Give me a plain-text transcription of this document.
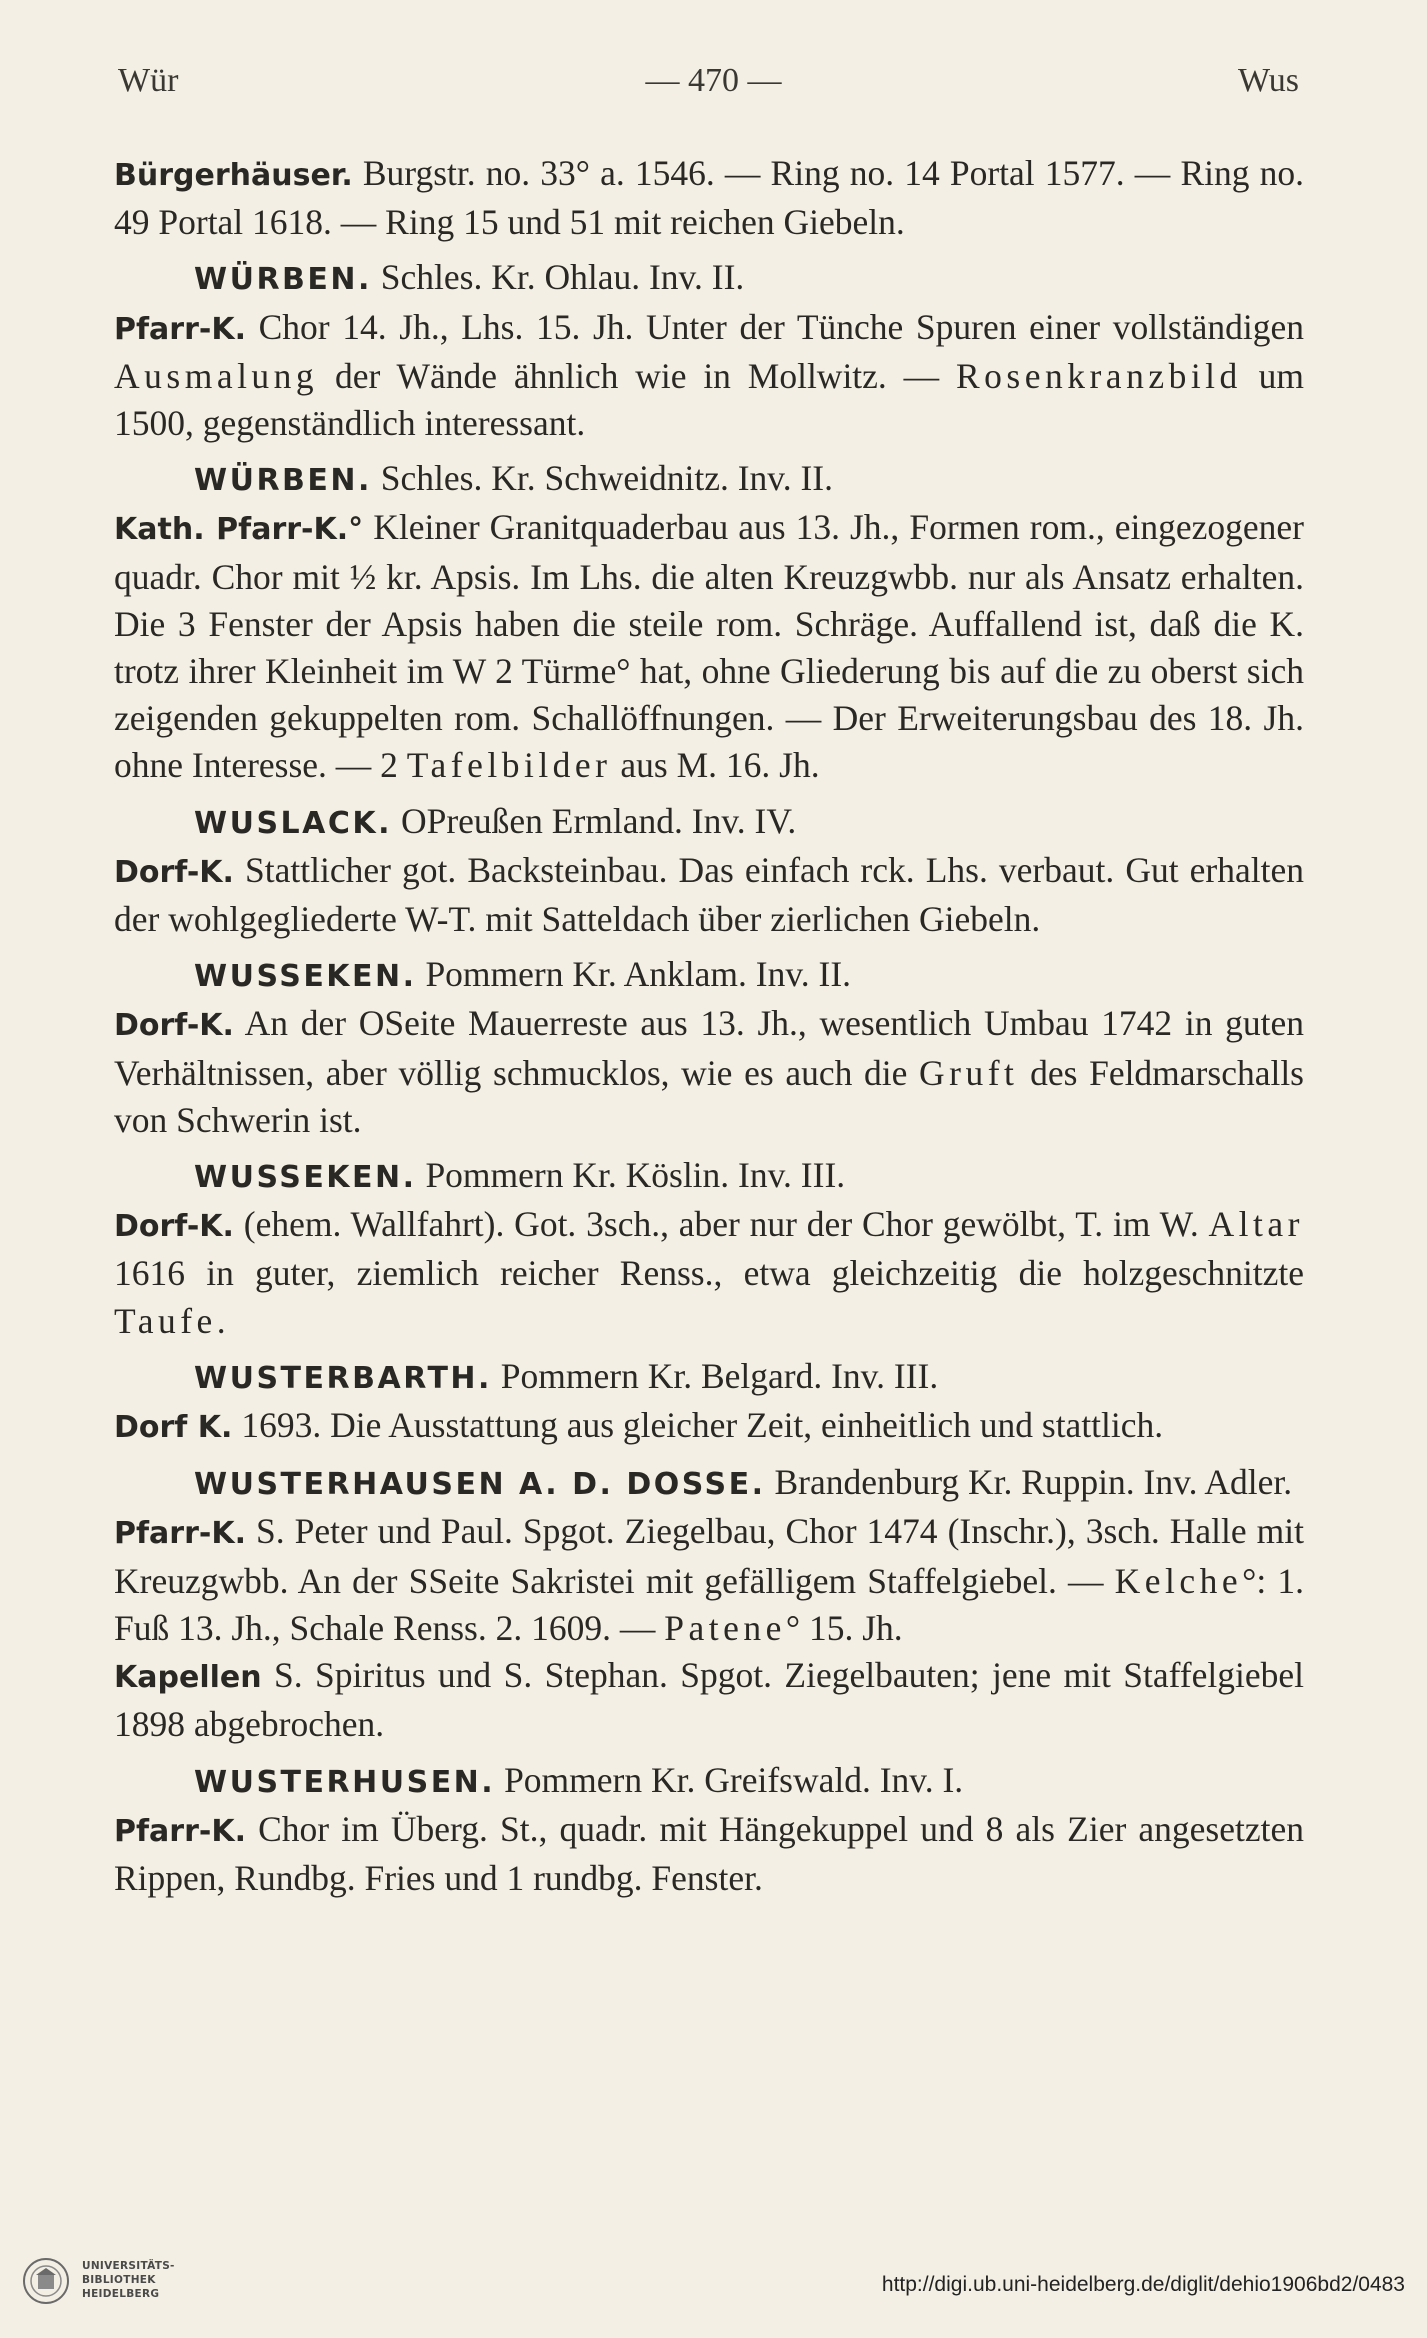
Wür	— 470 —	Wus

Bürgerhäuser. Burgstr. no. 33° a. 1546. — Ring no. 14 Portal 1577. — Ring no. 49 Portal 1618. — Ring 15 und 51 mit reichen Giebeln.

WÜRBEN. Schles. Kr. Ohlau. Inv. II.

Pfarr-K. Chor 14. Jh., Lhs. 15. Jh. Unter der Tünche Spuren einer vollständigen Ausmalung der Wände ähnlich wie in Mollwitz. — Rosenkranzbild um 1500, gegenständlich interessant.

WÜRBEN. Schles. Kr. Schweidnitz. Inv. II.

Kath. Pfarr-K.° Kleiner Granitquaderbau aus 13. Jh., Formen rom., eingezogener quadr. Chor mit ½ kr. Apsis. Im Lhs. die alten Kreuzgwbb. nur als Ansatz erhalten. Die 3 Fenster der Apsis haben die steile rom. Schräge. Auffallend ist, daß die K. trotz ihrer Kleinheit im W 2 Türme° hat, ohne Gliederung bis auf die zu oberst sich zeigenden gekuppelten rom. Schallöffnungen. — Der Erweiterungsbau des 18. Jh. ohne Interesse. — 2 Tafelbilder aus M. 16. Jh.

WUSLACK. OPreußen Ermland. Inv. IV.

Dorf-K. Stattlicher got. Backsteinbau. Das einfach rck. Lhs. verbaut. Gut erhalten der wohlgegliederte W-T. mit Satteldach über zierlichen Giebeln.

WUSSEKEN. Pommern Kr. Anklam. Inv. II.

Dorf-K. An der OSeite Mauerreste aus 13. Jh., wesentlich Umbau 1742 in guten Verhältnissen, aber völlig schmucklos, wie es auch die Gruft des Feldmarschalls von Schwerin ist.

WUSSEKEN. Pommern Kr. Köslin. Inv. III.

Dorf-K. (ehem. Wallfahrt). Got. 3sch., aber nur der Chor gewölbt, T. im W. Altar 1616 in guter, ziemlich reicher Renss., etwa gleichzeitig die holzgeschnitzte Taufe.

WUSTERBARTH. Pommern Kr. Belgard. Inv. III.

Dorf K. 1693. Die Ausstattung aus gleicher Zeit, einheitlich und stattlich.

WUSTERHAUSEN A. D. DOSSE. Brandenburg Kr. Ruppin. Inv. Adler.

Pfarr-K. S. Peter und Paul. Spgot. Ziegelbau, Chor 1474 (Inschr.), 3sch. Halle mit Kreuzgwbb. An der SSeite Sakristei mit gefälligem Staffelgiebel. — Kelche°: 1. Fuß 13. Jh., Schale Renss. 2. 1609. — Patene° 15. Jh.

Kapellen S. Spiritus und S. Stephan. Spgot. Ziegelbauten; jene mit Staffelgiebel 1898 abgebrochen.

WUSTERHUSEN. Pommern Kr. Greifswald. Inv. I.

Pfarr-K. Chor im Überg. St., quadr. mit Hängekuppel und 8 als Zier angesetzten Rippen, Rundbg. Fries und 1 rundbg. Fenster.

UNIVERSITÄTS-
BIBLIOTHEK
HEIDELBERG	http://digi.ub.uni-heidelberg.de/diglit/dehio1906bd2/0483
